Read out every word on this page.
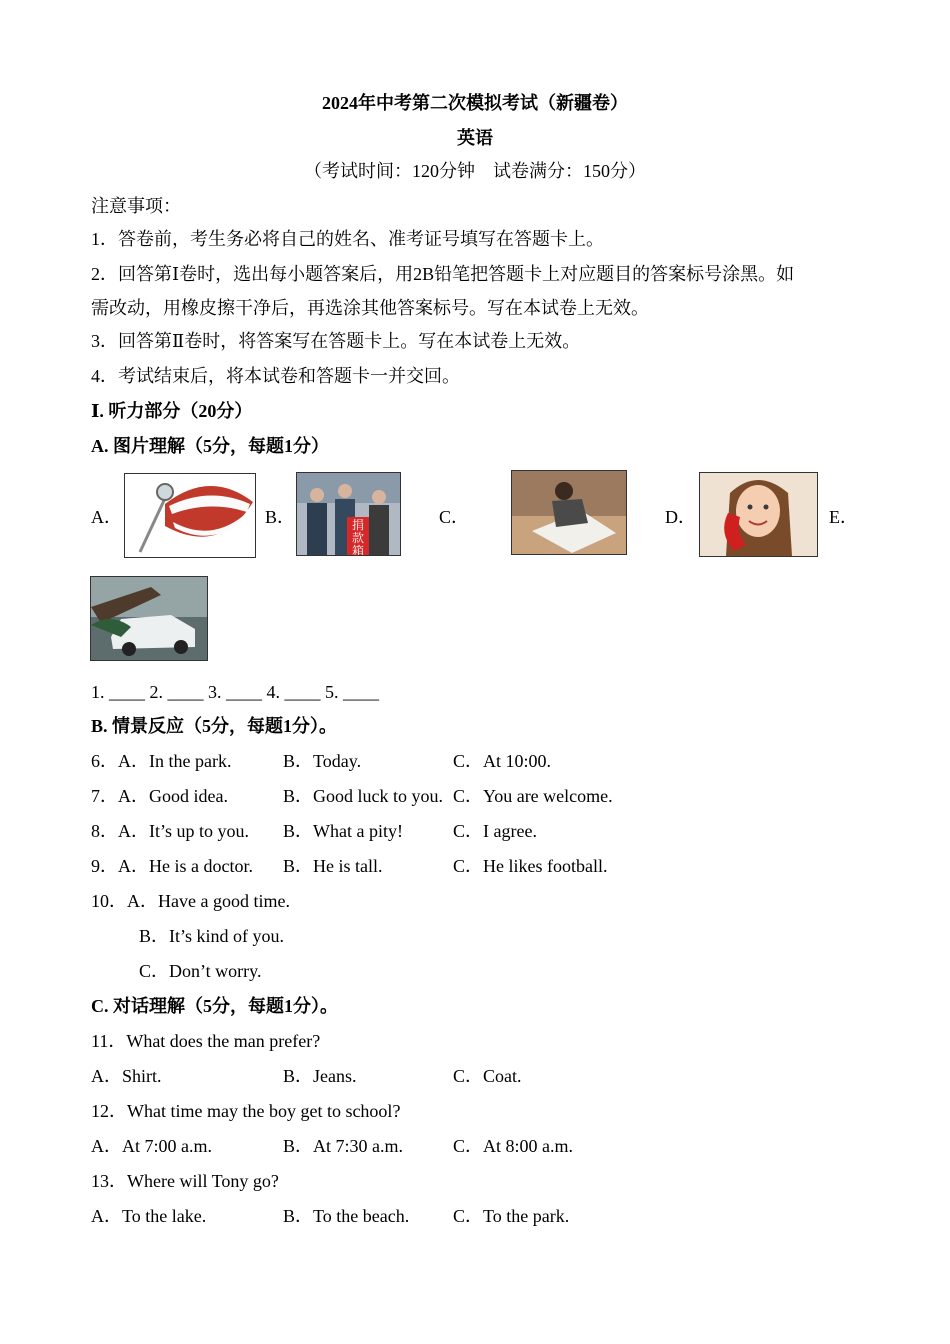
2024年中考第二次模拟考试（新疆卷）
英语
（考试时间：120分钟　试卷满分：150分）
注意事项：
1．答卷前，考生务必将自己的姓名、准考证号填写在答题卡上。
2．回答第Ⅰ卷时，选出每小题答案后，用2B铅笔把答题卡上对应题目的答案标号涂黑。如
需改动，用橡皮擦干净后，再选涂其他答案标号。写在本试卷上无效。
3．回答第Ⅱ卷时，将答案写在答题卡上。写在本试卷上无效。
4．考试结束后，将本试卷和答题卡一并交回。
Ⅰ. 听力部分（20分）
A. 图片理解（5分，每题1分）
A．	B．	捐款箱
C．	D．	E．
1. ____ 2. ____ 3. ____ 4. ____ 5. ____
B. 情景反应（5分，每题1分）。
6．A．In the park.	B．Today.	C．At 10:00.
7．A．Good idea.	B．Good luck to you. C．You are welcome.
8．A．It’s up to you. B．What a pity!	C．I agree.
9．A．He is a doctor. B．He is tall.	C．He likes football.
10．A．Have a good time.
B．It’s kind of you.
C．Don’t worry.
C. 对话理解（5分，每题1分）。
11．What does the man prefer?
A．Shirt.	B．Jeans.	C．Coat.
12．What time may the boy get to school?
A．At 7:00 a.m.	B．At 7:30 a.m.	C．At 8:00 a.m.
13．Where will Tony go?
A．To the lake.	B．To the beach. C．To the park.
